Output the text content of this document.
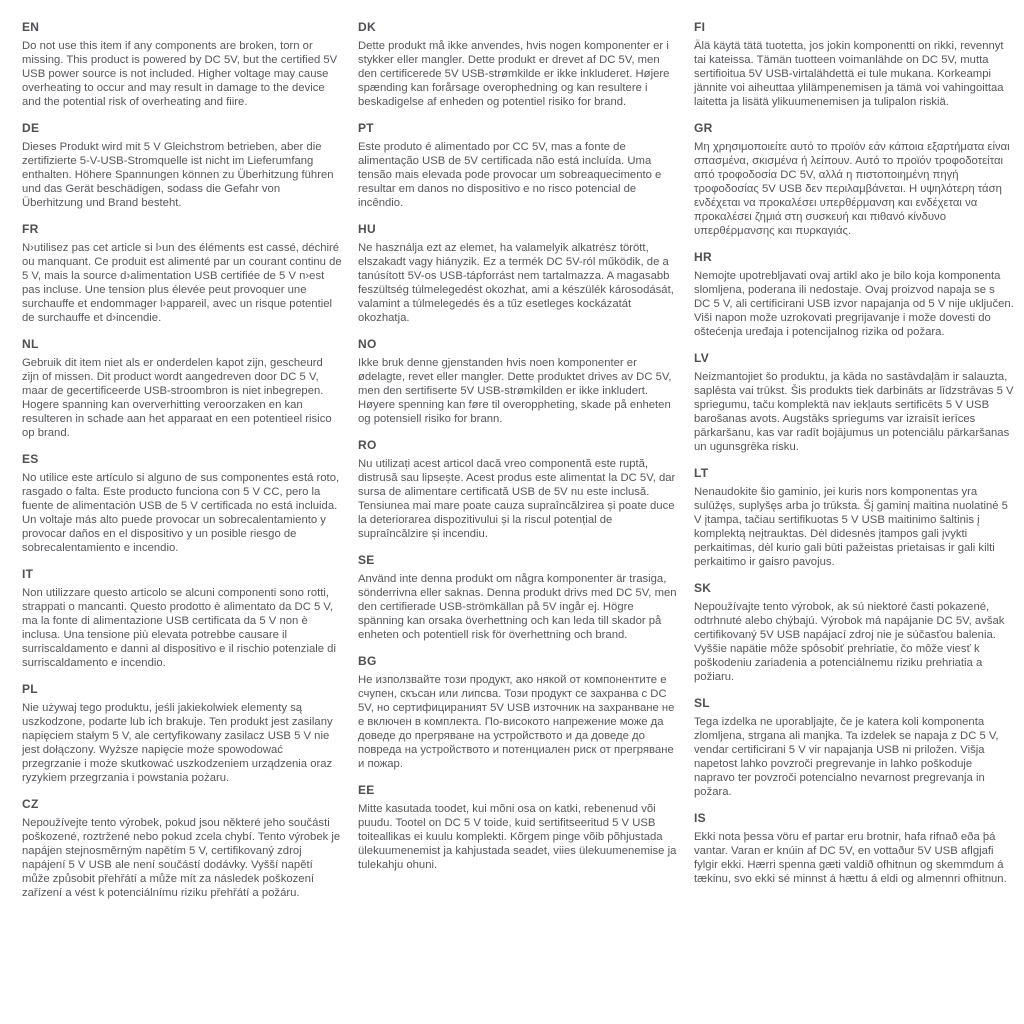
EN

Do not use this item if any components are broken, torn or missing. This product is powered by DC 5V, but the certified 5V USB power source is not included. Higher voltage may cause overheating to occur and may result in damage to the device and the potential risk of overheating and fiire.

DE

Dieses Produkt wird mit 5 V Gleichstrom betrieben, aber die zertifizierte 5-V-USB-Stromquelle ist nicht im Lieferumfang enthalten. Höhere Spannungen können zu Überhitzung führen und das Gerät beschädigen, sodass die Gefahr von Überhitzung und Brand besteht.

FR

N›utilisez pas cet article si l›un des éléments est cassé, déchiré ou manquant. Ce produit est alimenté par un courant continu de 5 V, mais la source d›alimentation USB certifiée de 5 V n›est pas incluse. Une tension plus élevée peut provoquer une surchauffe et endommager l›appareil, avec un risque potentiel de surchauffe et d›incendie.

NL

Gebruik dit item niet als er onderdelen kapot zijn, gescheurd zijn of missen. Dit product wordt aangedreven door DC 5 V, maar de gecertificeerde USB-stroombron is niet inbegrepen. Hogere spanning kan oververhitting veroorzaken en kan resulteren in schade aan het apparaat en een potentieel risico op brand.

ES

No utilice este artículo si alguno de sus componentes está roto, rasgado o falta. Este producto funciona con 5 V CC, pero la fuente de alimentación USB de 5 V certificada no está incluida. Un voltaje más alto puede provocar un sobrecalentamiento y provocar daños en el dispositivo y un posible riesgo de sobrecalentamiento e incendio.

IT

Non utilizzare questo articolo se alcuni componenti sono rotti, strappati o mancanti. Questo prodotto è alimentato da DC 5 V, ma la fonte di alimentazione USB certificata da 5 V non è inclusa. Una tensione più elevata potrebbe causare il surriscaldamento e danni al dispositivo e il rischio potenziale di surriscaldamento e incendio.

PL

Nie używaj tego produktu, jeśli jakiekolwiek elementy są uszkodzone, podarte lub ich brakuje. Ten produkt jest zasilany napięciem stałym 5 V, ale certyfikowany zasilacz USB 5 V nie jest dołączony. Wyższe napięcie może spowodować przegrzanie i może skutkować uszkodzeniem urządzenia oraz ryzykiem przegrzania i powstania pożaru.

CZ

Nepoužívejte tento výrobek, pokud jsou některé jeho součásti poškozené, roztržené nebo pokud zcela chybí. Tento výrobek je napájen stejnosměrným napětím 5 V, certifikovaný zdroj napájení 5 V USB ale není součástí dodávky. Vyšší napětí může způsobit přehřátí a může mít za následek poškození zařízení a vést k potenciálnímu riziku přehřátí a požáru.

DK

Dette produkt må ikke anvendes, hvis nogen komponenter er i stykker eller mangler. Dette produkt er drevet af DC 5V, men den certificerede 5V USB-strømkilde er ikke inkluderet. Højere spænding kan forårsage overophedning og kan resultere i beskadigelse af enheden og potentiel risiko for brand.

PT

Este produto é alimentado por CC 5V, mas a fonte de alimentação USB de 5V certificada não está incluída. Uma tensão mais elevada pode provocar um sobreaquecimento e resultar em danos no dispositivo e no risco potencial de incêndio.

HU

Ne használja ezt az elemet, ha valamelyik alkatrész törött, elszakadt vagy hiányzik. Ez a termék DC 5V-ról működik, de a tanúsított 5V-os USB-tápforrást nem tartalmazza. A magasabb feszültség túlmelegedést okozhat, ami a készülék károsodását, valamint a túlmelegedés és a tűz esetleges kockázatát okozhatja.

NO

Ikke bruk denne gjenstanden hvis noen komponenter er ødelagte, revet eller mangler. Dette produktet drives av DC 5V, men den sertifiserte 5V USB-strømkilden er ikke inkludert. Høyere spenning kan føre til overoppheting, skade på enheten og potensiell risiko for brann.

RO

Nu utilizați acest articol dacă vreo componentă este ruptă, distrusă sau lipsește. Acest produs este alimentat la DC 5V, dar sursa de alimentare certificată USB de 5V nu este inclusă. Tensiunea mai mare poate cauza supraîncălzirea și poate duce la deteriorarea dispozitivului și la riscul potențial de supraîncălzire și incendiu.

SE

Använd inte denna produkt om några komponenter är trasiga, sönderrivna eller saknas. Denna produkt drivs med DC 5V, men den certifierade USB-strömkällan på 5V ingår ej. Högre spänning kan orsaka överhettning och kan leda till skador på enheten och potentiell risk för överhettning och brand.

BG

Не използвайте този продукт, ако някой от компонентите е счупен, скъсан или липсва. Този продукт се захранва с DC 5V, но сертифицираният 5V USB източник на захранване не е включен в комплекта. По-високото напрежение може да доведе до прегряване на устройството и да доведе до повреда на устройството и потенциален риск от прегряване и пожар.

EE

Mitte kasutada toodet, kui mõni osa on katki, rebenenud või puudu. Tootel on DC 5 V toide, kuid sertifitseeritud 5 V USB toiteallikas ei kuulu komplekti. Kõrgem pinge võib põhjustada ülekuumenemist ja kahjustada seadet, viies ülekuumenemise ja tulekahju ohuni.

FI

Älä käytä tätä tuotetta, jos jokin komponentti on rikki, revennyt tai kateissa. Tämän tuotteen voimanlähde on DC 5V, mutta sertifioitua 5V USB-virtalähdettä ei tule mukana. Korkeampi jännite voi aiheuttaa ylilämpenemisen ja tämä voi vahingoittaa laitetta ja lisätä ylikuumenemisen ja tulipalon riskiä.

GR

Μη χρησιμοποιείτε αυτό το προϊόν εάν κάποια εξαρτήματα είναι σπασμένα, σκισμένα ή λείπουν. Αυτό το προϊόν τροφοδοτείται από τροφοδοσία DC 5V, αλλά η πιστοποιημένη πηγή τροφοδοσίας 5V USB δεν περιλαμβάνεται. Η υψηλότερη τάση ενδέχεται να προκαλέσει υπερθέρμανση και ενδέχεται να προκαλέσει ζημιά στη συσκευή και πιθανό κίνδυνο υπερθέρμανσης και πυρκαγιάς.

HR

Nemojte upotrebljavati ovaj artikl ako je bilo koja komponenta slomljena, poderana ili nedostaje. Ovaj proizvod napaja se s DC 5 V, ali certificirani USB izvor napajanja od 5 V nije uključen. Viši napon može uzrokovati pregrijavanje i može dovesti do oštećenja uređaja i potencijalnog rizika od požara.

LV

Neizmantojiet šo produktu, ja kāda no sastāvdaļām ir salauzta, saplēsta vai trūkst. Šis produkts tiek darbināts ar līdzstrāvas 5 V spriegumu, taču komplektā nav iekļauts sertificēts 5 V USB barošanas avots. Augstāks spriegums var izraisīt ierīces pārkaršanu, kas var radīt bojājumus un potenciālu pārkaršanas un ugunsgrēka risku.

LT

Nenaudokite šio gaminio, jei kuris nors komponentas yra sulūžęs, suplyšęs arba jo trūksta. Šį gaminį maitina nuolatinė 5 V įtampa, tačiau sertifikuotas 5 V USB maitinimo šaltinis į komplektą neįtrauktas. Dėl didesnės įtampos gali įvykti perkaitimas, dėl kurio gali būti pažeistas prietaisas ir gali kilti perkaitimo ir gaisro pavojus.

SK

Nepoužívajte tento výrobok, ak sú niektoré časti pokazené, odtrhnuté alebo chýbajú. Výrobok má napájanie DC 5V, avšak certifikovaný 5V USB napájací zdroj nie je súčasťou balenia. Vyššie napätie môže spôsobiť prehriatie, čo môže viesť k poškodeniu zariadenia a potenciálnemu riziku prehriatia a požiaru.

SL

Tega izdelka ne uporabljajte, če je katera koli komponenta zlomljena, strgana ali manjka. Ta izdelek se napaja z DC 5 V, vendar certificirani 5 V vir napajanja USB ni priložen. Višja napetost lahko povzroči pregrevanje in lahko poškoduje napravo ter povzroči potencialno nevarnost pregrevanja in požara.

IS

Ekki nota þessa vöru ef partar eru brotnir, hafa rifnað eða þá vantar. Varan er knúin af DC 5V, en vottaður 5V USB aflgjafi fylgir ekki. Hærri spenna gæti valdið ofhitnun og skemmdum á tækinu, svo ekki sé minnst á hættu á eldi og almennri ofhitnun.
